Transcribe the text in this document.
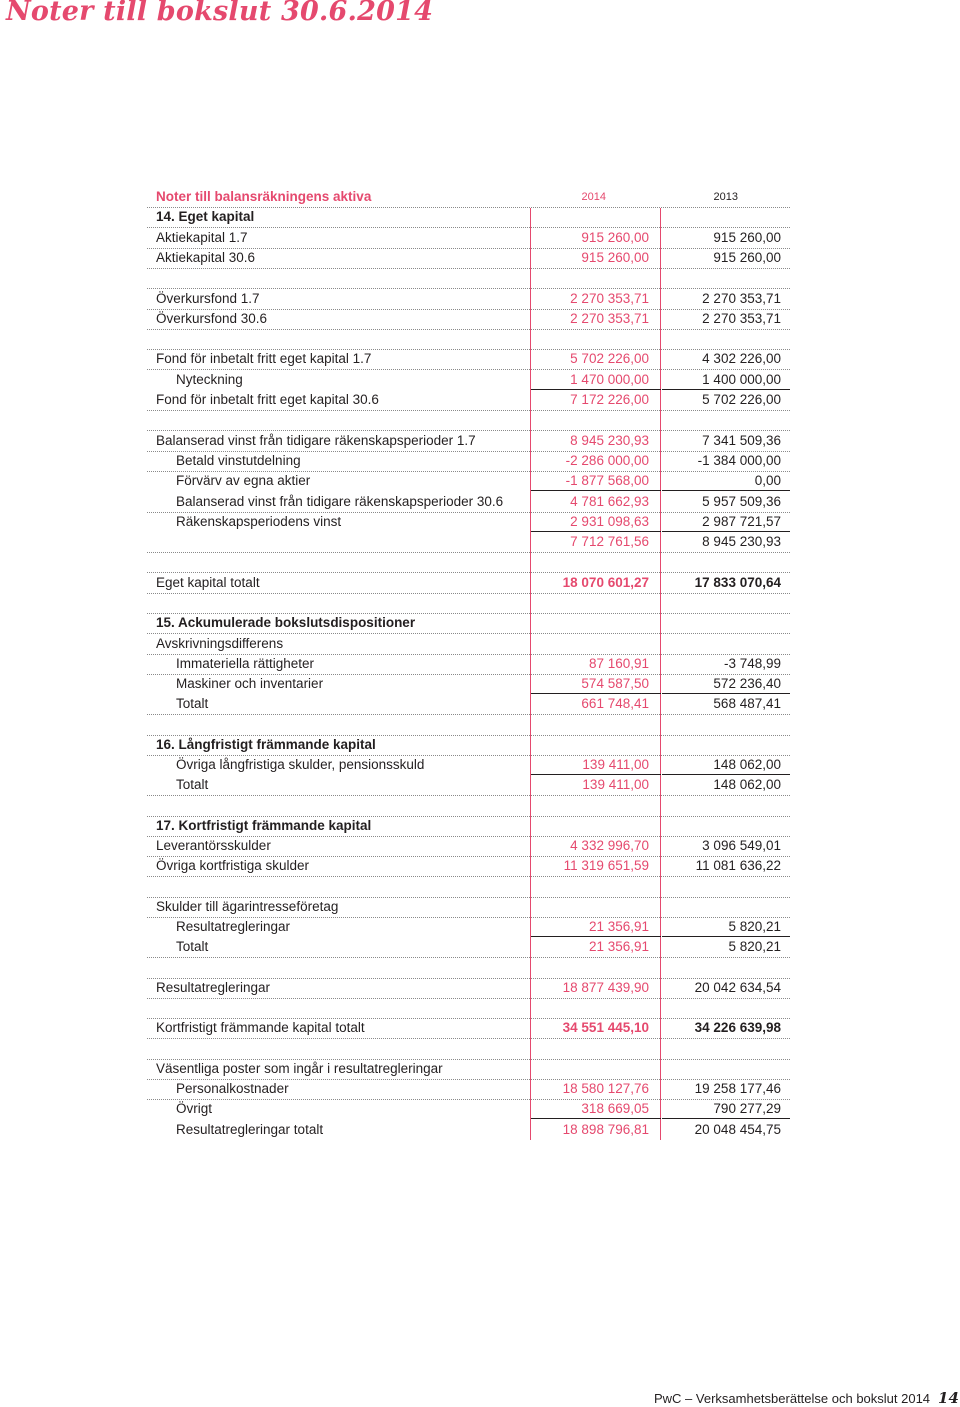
Noter till bokslut 30.6.2014
Noter till balansräkningens aktiva	2014	2013
14. Eget kapital
Aktiekapital 1.7	915 260,00	915 260,00
Aktiekapital 30.6	915 260,00	915 260,00
Överkursfond 1.7	2 270 353,71	2 270 353,71
Överkursfond 30.6	2 270 353,71	2 270 353,71
Fond för inbetalt fritt eget kapital 1.7	5 702 226,00	4 302 226,00
Nyteckning	1 470 000,00	1 400 000,00
Fond för inbetalt fritt eget kapital 30.6	7 172 226,00	5 702 226,00
Balanserad vinst från tidigare räkenskapsperioder 1.7	8 945 230,93	7 341 509,36
Betald vinstutdelning	-2 286 000,00	-1 384 000,00
Förvärv av egna aktier	-1 877 568,00	0,00
Balanserad vinst från tidigare räkenskapsperioder 30.6	4 781 662,93	5 957 509,36
Räkenskapsperiodens vinst	2 931 098,63	2 987 721,57
7 712 761,56	8 945 230,93
Eget kapital totalt	18 070 601,27	17 833 070,64
15. Ackumulerade bokslutsdispositioner
Avskrivningsdifferens
Immateriella rättigheter	87 160,91	-3 748,99
Maskiner och inventarier	574 587,50	572 236,40
Totalt	661 748,41	568 487,41
16. Långfristigt främmande kapital
Övriga långfristiga skulder, pensionsskuld	139 411,00	148 062,00
Totalt	139 411,00	148 062,00
17. Kortfristigt främmande kapital
Leverantörsskulder	4 332 996,70	3 096 549,01
Övriga kortfristiga skulder	11 319 651,59	11 081 636,22
Skulder till ägarintresseföretag
Resultatregleringar	21 356,91	5 820,21
Totalt	21 356,91	5 820,21
Resultatregleringar	18 877 439,90	20 042 634,54
Kortfristigt främmande kapital totalt	34 551 445,10	34 226 639,98
Väsentliga poster som ingår i resultatregleringar
Personalkostnader	18 580 127,76	19 258 177,46
Övrigt	318 669,05	790 277,29
Resultatregleringar totalt	18 898 796,81	20 048 454,75
PwC – Verksamhetsberättelse och bokslut 2014 14
